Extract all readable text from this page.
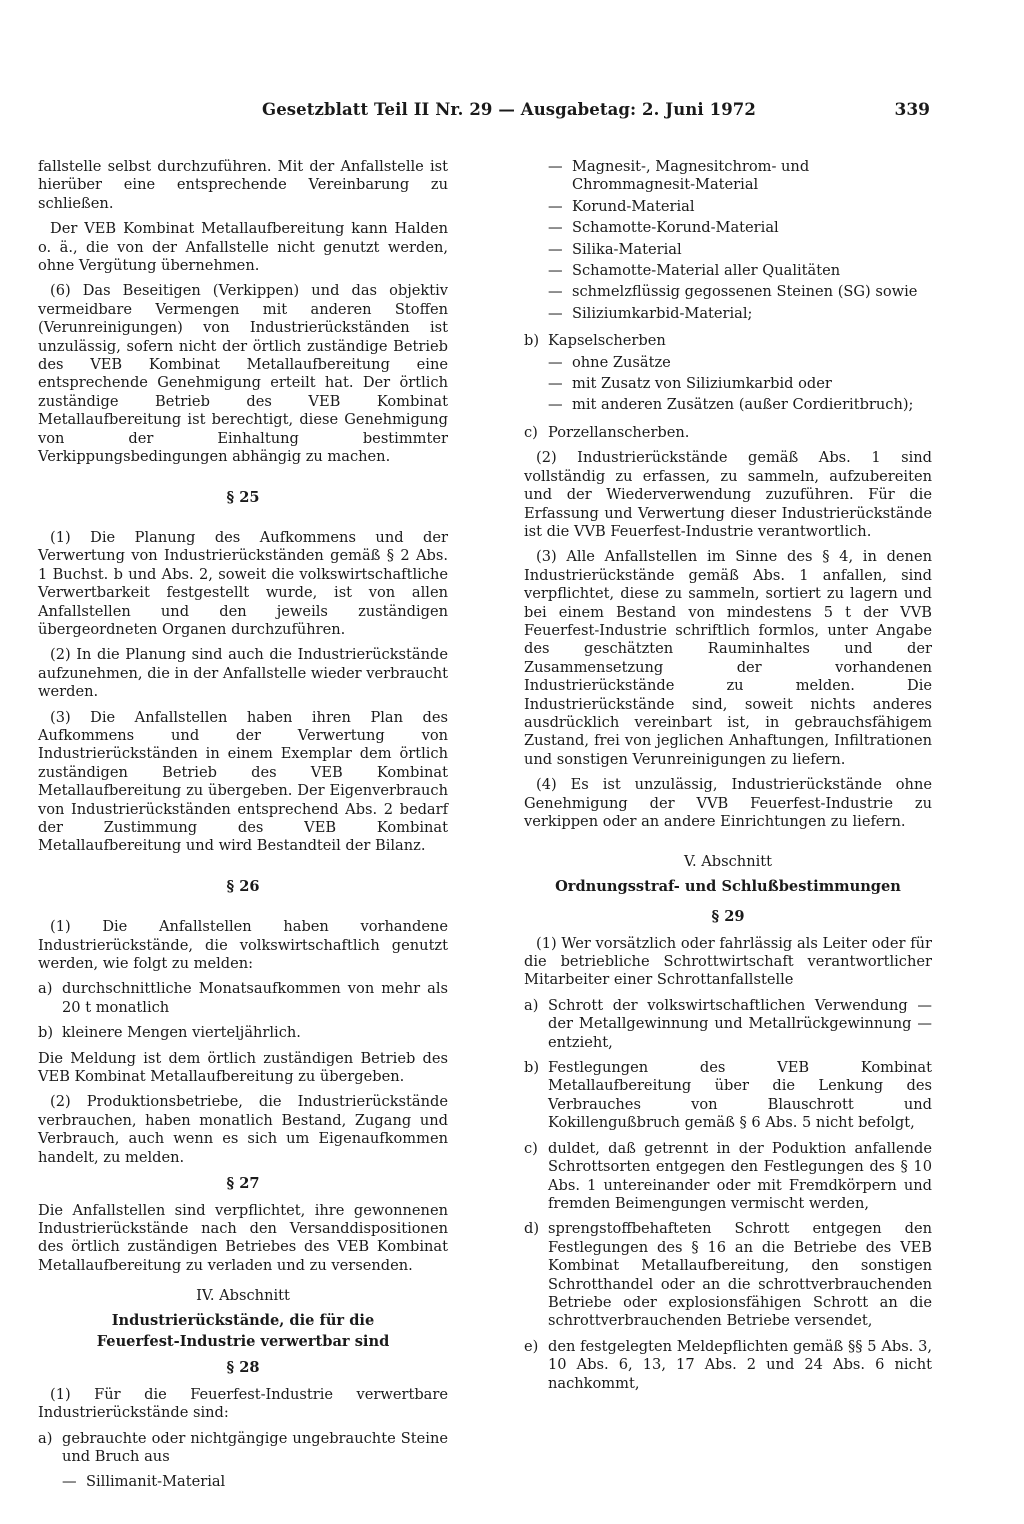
Gesetzblatt Teil II Nr. 29 — Ausgabetag: 2. Juni 1972	339

fallstelle selbst durchzuführen. Mit der Anfallstelle ist hierüber eine entsprechende Vereinbarung zu schließen.

Der VEB Kombinat Metallaufbereitung kann Halden o. ä., die von der Anfallstelle nicht genutzt werden, ohne Vergütung übernehmen.

(6) Das Beseitigen (Verkippen) und das objektiv vermeidbare Vermengen mit anderen Stoffen (Verunreinigungen) von Industrierückständen ist unzulässig, sofern nicht der örtlich zuständige Betrieb des VEB Kombinat Metallaufbereitung eine entsprechende Genehmigung erteilt hat. Der örtlich zuständige Betrieb des VEB Kombinat Metallaufbereitung ist berechtigt, diese Genehmigung von der Einhaltung bestimmter Verkippungsbedingungen abhängig zu machen.

§ 25

(1) Die Planung des Aufkommens und der Verwertung von Industrierückständen gemäß § 2 Abs. 1 Buchst. b und Abs. 2, soweit die volkswirtschaftliche Verwertbarkeit festgestellt wurde, ist von allen Anfallstellen und den jeweils zuständigen übergeordneten Organen durchzuführen.

(2) In die Planung sind auch die Industrierückstände aufzunehmen, die in der Anfallstelle wieder verbraucht werden.

(3) Die Anfallstellen haben ihren Plan des Aufkommens und der Verwertung von Industrierückständen in einem Exemplar dem örtlich zuständigen Betrieb des VEB Kombinat Metallaufbereitung zu übergeben. Der Eigenverbrauch von Industrierückständen entsprechend Abs. 2 bedarf der Zustimmung des VEB Kombinat Metallaufbereitung und wird Bestandteil der Bilanz.

§ 26

(1) Die Anfallstellen haben vorhandene Industrierückstände, die volkswirtschaftlich genutzt werden, wie folgt zu melden:

a) durchschnittliche Monatsaufkommen von mehr als 20 t monatlich
b) kleinere Mengen vierteljährlich.

Die Meldung ist dem örtlich zuständigen Betrieb des VEB Kombinat Metallaufbereitung zu übergeben.

(2) Produktionsbetriebe, die Industrierückstände verbrauchen, haben monatlich Bestand, Zugang und Verbrauch, auch wenn es sich um Eigenaufkommen handelt, zu melden.

§ 27

Die Anfallstellen sind verpflichtet, ihre gewonnenen Industrierückstände nach den Versanddispositionen des örtlich zuständigen Betriebes des VEB Kombinat Metallaufbereitung zu verladen und zu versenden.

IV. Abschnitt
Industrierückstände, die für die
Feuerfest-Industrie verwertbar sind
§ 28

(1) Für die Feuerfest-Industrie verwertbare Industrierückstände sind:

a) gebrauchte oder nichtgängige ungebrauchte Steine und Bruch aus
— Sillimanit-Material
— Magnesit-, Magnesitchrom- und Chrommagnesit-Material
— Korund-Material
— Schamotte-Korund-Material
— Silika-Material
— Schamotte-Material aller Qualitäten
— schmelzflüssig gegossenen Steinen (SG) sowie
— Siliziumkarbid-Material;
b) Kapselscherben
— ohne Zusätze
— mit Zusatz von Siliziumkarbid oder
— mit anderen Zusätzen (außer Cordieritbruch);
c) Porzellanscherben.

(2) Industrierückstände gemäß Abs. 1 sind vollständig zu erfassen, zu sammeln, aufzubereiten und der Wiederverwendung zuzuführen. Für die Erfassung und Verwertung dieser Industrierückstände ist die VVB Feuerfest-Industrie verantwortlich.

(3) Alle Anfallstellen im Sinne des § 4, in denen Industrierückstände gemäß Abs. 1 anfallen, sind verpflichtet, diese zu sammeln, sortiert zu lagern und bei einem Bestand von mindestens 5 t der VVB Feuerfest-Industrie schriftlich formlos, unter Angabe des geschätzten Rauminhaltes und der Zusammensetzung der vorhandenen Industrierückstände zu melden. Die Industrierückstände sind, soweit nichts anderes ausdrücklich vereinbart ist, in gebrauchsfähigem Zustand, frei von jeglichen Anhaftungen, Infiltrationen und sonstigen Verunreinigungen zu liefern.

(4) Es ist unzulässig, Industrierückstände ohne Genehmigung der VVB Feuerfest-Industrie zu verkippen oder an andere Einrichtungen zu liefern.

V. Abschnitt
Ordnungsstraf- und Schlußbestimmungen
§ 29

(1) Wer vorsätzlich oder fahrlässig als Leiter oder für die betriebliche Schrottwirtschaft verantwortlicher Mitarbeiter einer Schrottanfallstelle

a) Schrott der volkswirtschaftlichen Verwendung — der Metallgewinnung und Metallrückgewinnung — entzieht,
b) Festlegungen des VEB Kombinat Metallaufbereitung über die Lenkung des Verbrauches von Blauschrott und Kokillengußbruch gemäß § 6 Abs. 5 nicht befolgt,
c) duldet, daß getrennt in der Poduktion anfallende Schrottsorten entgegen den Festlegungen des § 10 Abs. 1 untereinander oder mit Fremdkörpern und fremden Beimengungen vermischt werden,
d) sprengstoffbehafteten Schrott entgegen den Festlegungen des § 16 an die Betriebe des VEB Kombinat Metallaufbereitung, den sonstigen Schrotthandel oder an die schrottverbrauchenden Betriebe oder explosionsfähigen Schrott an die schrottverbrauchenden Betriebe versendet,
e) den festgelegten Meldepflichten gemäß §§ 5 Abs. 3, 10 Abs. 6, 13, 17 Abs. 2 und 24 Abs. 6 nicht nachkommt,
